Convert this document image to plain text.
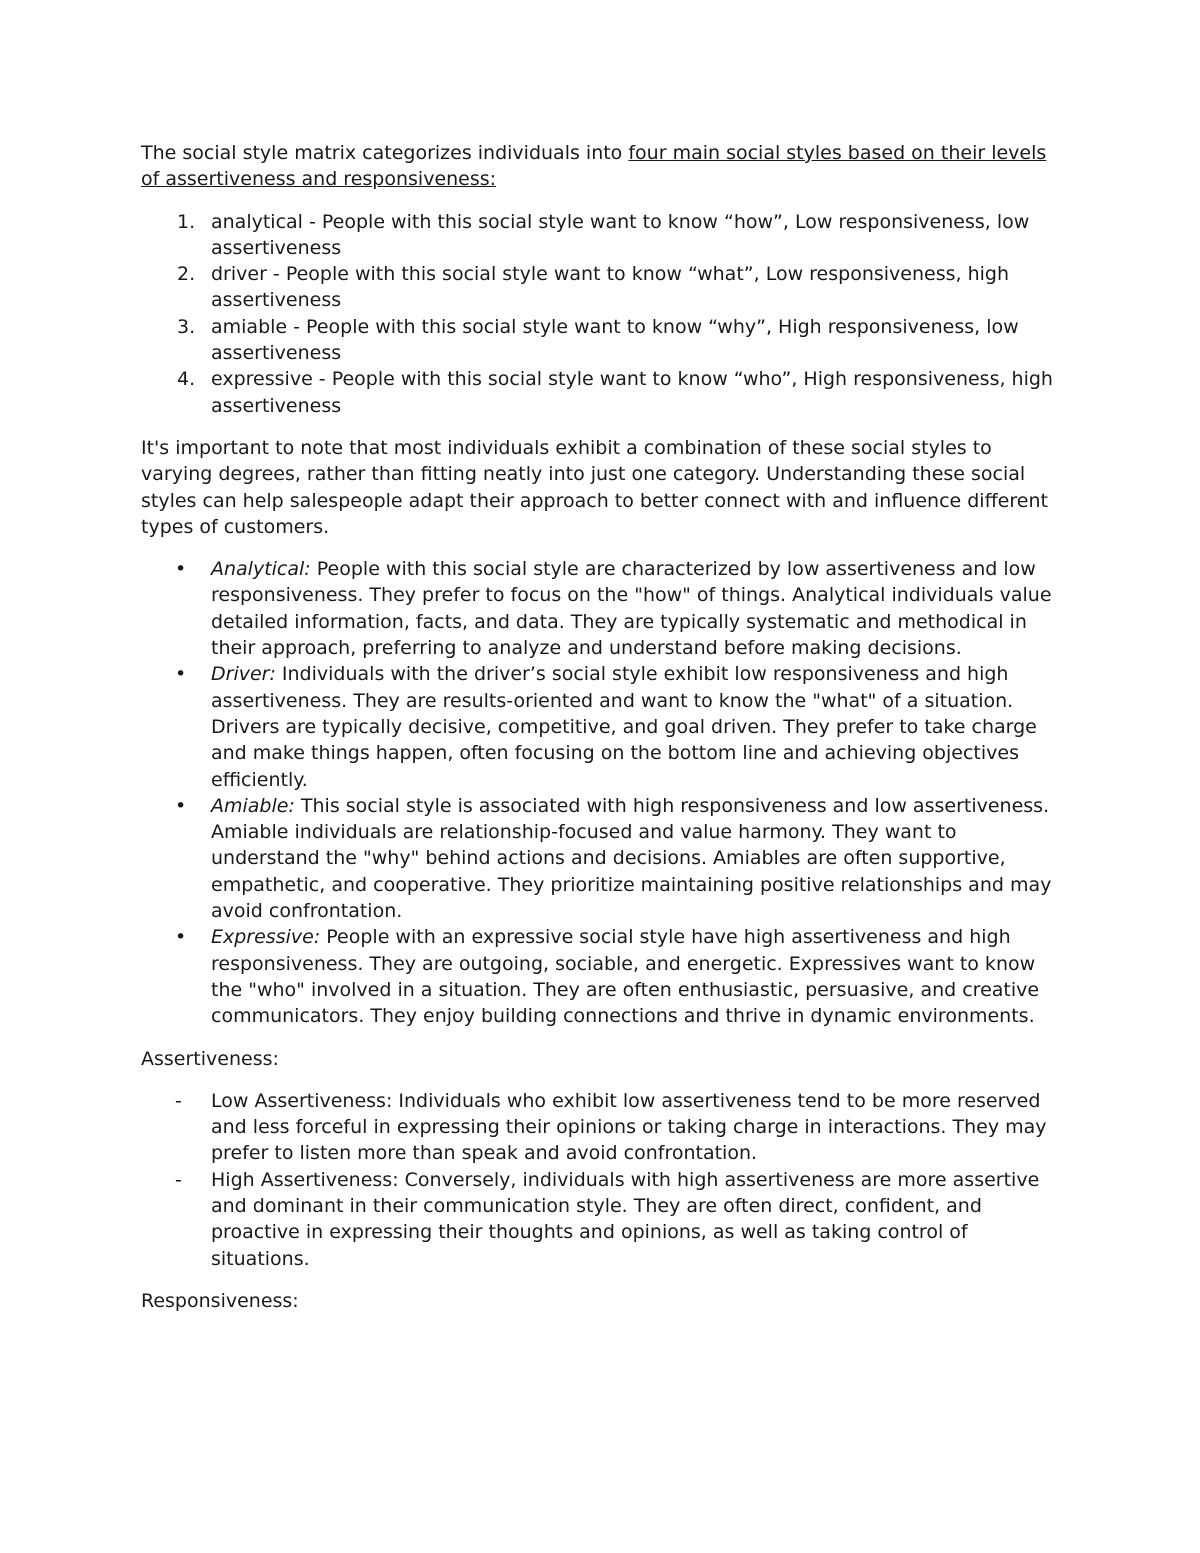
The social style matrix categorizes individuals into four main social styles based on their levels of assertiveness and responsiveness:

1. analytical - People with this social style want to know “how”, Low responsiveness, low assertiveness
2. driver - People with this social style want to know “what”, Low responsiveness, high assertiveness
3. amiable - People with this social style want to know “why”, High responsiveness, low assertiveness
4. expressive - People with this social style want to know “who”, High responsiveness, high assertiveness

It's important to note that most individuals exhibit a combination of these social styles to varying degrees, rather than fitting neatly into just one category. Understanding these social styles can help salespeople adapt their approach to better connect with and influence different types of customers.

• Analytical: People with this social style are characterized by low assertiveness and low responsiveness. They prefer to focus on the "how" of things. Analytical individuals value detailed information, facts, and data. They are typically systematic and methodical in their approach, preferring to analyze and understand before making decisions.
• Driver: Individuals with the driver’s social style exhibit low responsiveness and high assertiveness. They are results-oriented and want to know the "what" of a situation. Drivers are typically decisive, competitive, and goal driven. They prefer to take charge and make things happen, often focusing on the bottom line and achieving objectives efficiently.
• Amiable: This social style is associated with high responsiveness and low assertiveness. Amiable individuals are relationship-focused and value harmony. They want to understand the "why" behind actions and decisions. Amiables are often supportive, empathetic, and cooperative. They prioritize maintaining positive relationships and may avoid confrontation.
• Expressive: People with an expressive social style have high assertiveness and high responsiveness. They are outgoing, sociable, and energetic. Expressives want to know the "who" involved in a situation. They are often enthusiastic, persuasive, and creative communicators. They enjoy building connections and thrive in dynamic environments.

Assertiveness:

- Low Assertiveness: Individuals who exhibit low assertiveness tend to be more reserved and less forceful in expressing their opinions or taking charge in interactions. They may prefer to listen more than speak and avoid confrontation.
- High Assertiveness: Conversely, individuals with high assertiveness are more assertive and dominant in their communication style. They are often direct, confident, and proactive in expressing their thoughts and opinions, as well as taking control of situations.

Responsiveness:
